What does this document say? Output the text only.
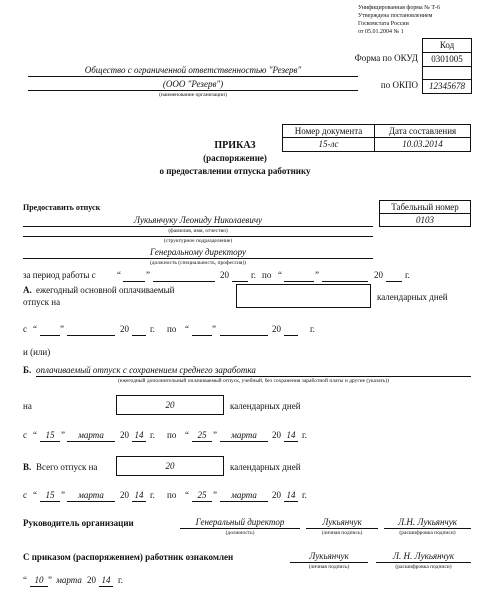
Унифицированная форма № Т-6
Утверждена постановлением
Госкомстата России
от 05.01.2004 № 1
Код
0301005
12345678
Форма по ОКУД
по ОКПО
Общество с ограниченной ответственностью "Резерв"
(ООО "Резерв")
(наименование организации)
Номер документа	Дата составления
15-лс	10.03.2014
ПРИКАЗ
(распоряжение)
о предоставлении отпуска работнику
Предоставить отпуск	Табельный номер
0103
Лукьянчуку Леониду Николаевичу
(фамилия, имя, отчество)
(структурное подразделение)
Генеральному директору
(должность (специальность, профессия))
за период работы с “	”	20 г. по “	”	20 г.
А. ежегодный основной оплачиваемый
отпуск на	календарных дней
с “	”	20 г. по “	”	20	г.
и (или)
Б. оплачиваемый отпуск с сохранением среднего заработка
(ежегодный дополнительный оплачиваемый отпуск, учебный, без сохранения заработной платы и другие (указать))
на	20	календарных дней
с “ 15 ”	марта	20 14 г. по “ 25 ”	марта	20 14 г.
В. Всего отпуск на	20	календарных дней
с “ 15 ”	марта	20 14 г. по “ 25 ”	марта	20 14 г.
Руководитель организации	Генеральный директор	Лукьянчук	Л.Н. Лукьянчук
(должность)	(личная подпись)	(расшифровка подписи)
С приказом (распоряжением) работник ознакомлен	Лукьянчук	Л. Н. Лукьянчук
(личная подпись)	(расшифровка подписи)
“ 10 ” марта 20 14 г.
